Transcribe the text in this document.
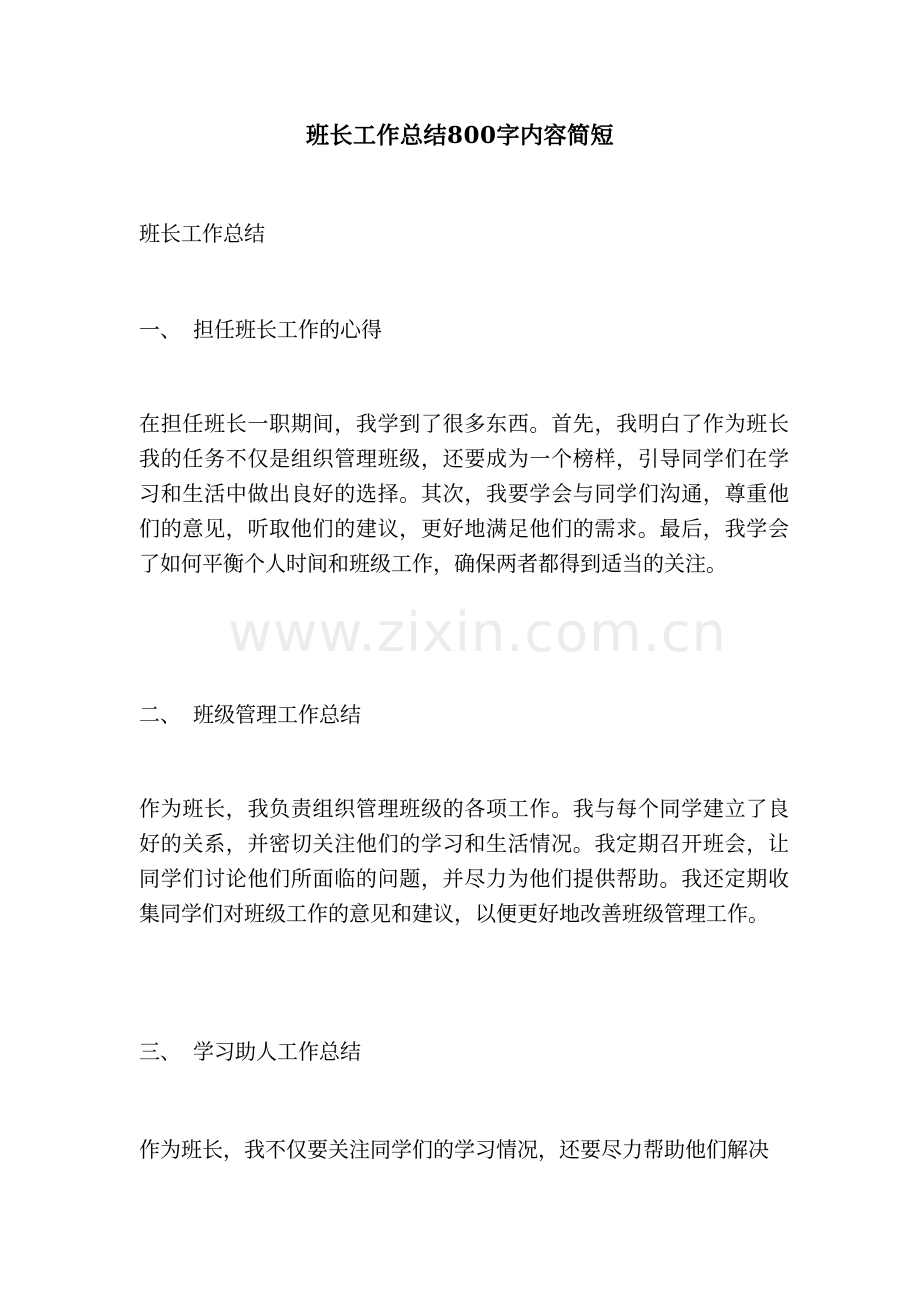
班长工作总结800字内容简短
班长工作总结
一、 担任班长工作的心得
在担任班长一职期间，我学到了很多东西。首先，我明白了作为班长我的任务不仅是组织管理班级，还要成为一个榜样，引导同学们在学习和生活中做出良好的选择。其次，我要学会与同学们沟通，尊重他们的意见，听取他们的建议，更好地满足他们的需求。最后，我学会了如何平衡个人时间和班级工作，确保两者都得到适当的关注。
二、 班级管理工作总结
作为班长，我负责组织管理班级的各项工作。我与每个同学建立了良好的关系，并密切关注他们的学习和生活情况。我定期召开班会，让同学们讨论他们所面临的问题，并尽力为他们提供帮助。我还定期收集同学们对班级工作的意见和建议，以便更好地改善班级管理工作。
三、 学习助人工作总结
作为班长，我不仅要关注同学们的学习情况，还要尽力帮助他们解决
www.zixin.com.cn
